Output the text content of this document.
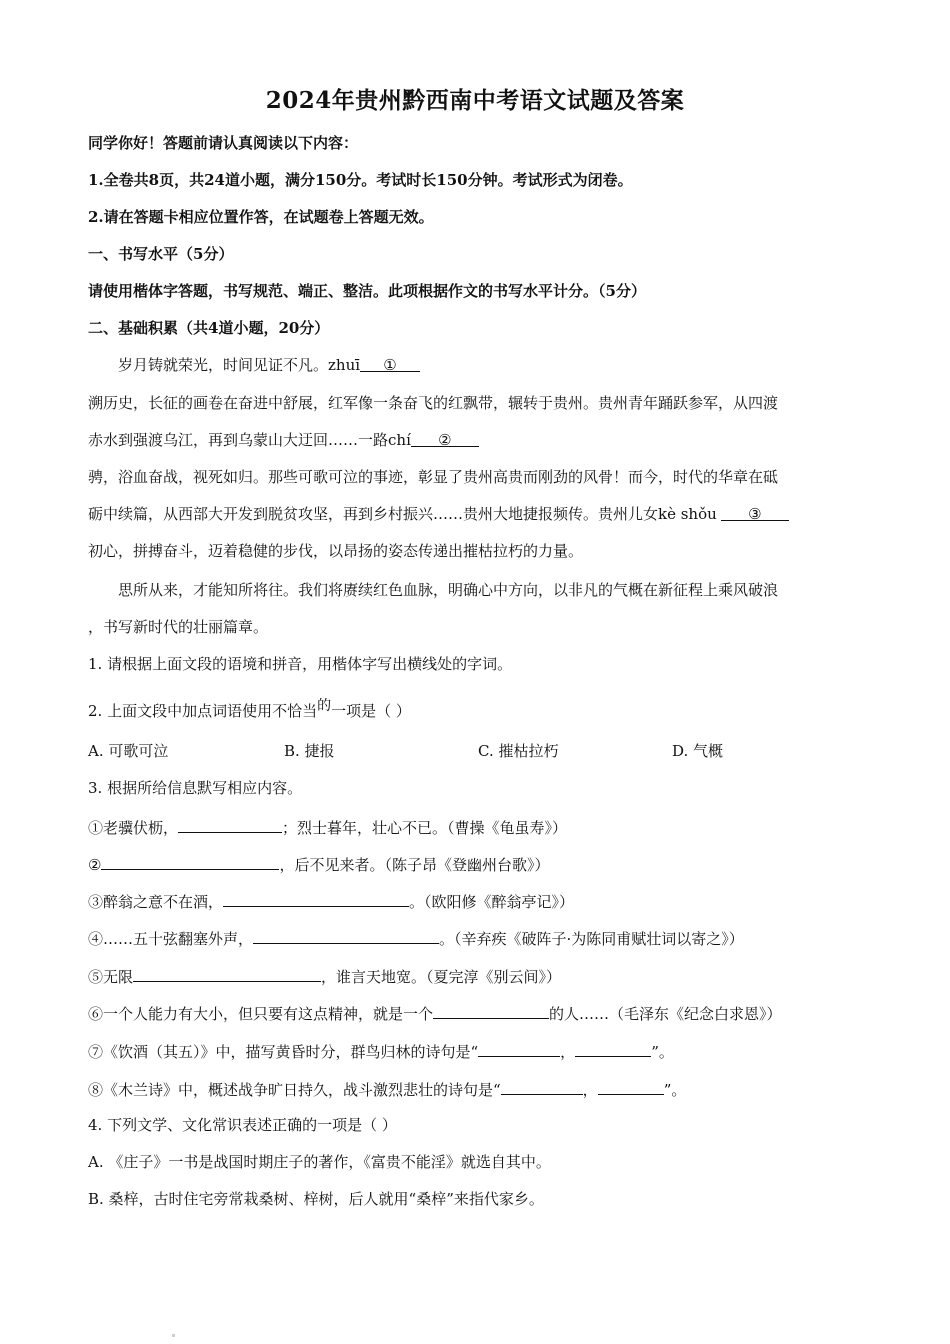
2024年贵州黔西南中考语文试题及答案
同学你好！答题前请认真阅读以下内容：
1.全卷共8页，共24道小题，满分150分。考试时长150分钟。考试形式为闭卷。
2.请在答题卡相应位置作答，在试题卷上答题无效。
一、书写水平（5分）
请使用楷体字答题，书写规范、端正、整洁。此项根据作文的书写水平计分。（5分）
二、基础积累（共4道小题，20分）
岁月铸就荣光，时间见证不凡。zhuī ①
溯历史，长征的画卷在奋进中舒展，红军像一条奋飞的红飘带，辗转于贵州。贵州青年踊跃参军，从四渡
赤水到强渡乌江，再到乌蒙山大迂回……一路chí ②
骋，浴血奋战，视死如归。那些可歌可泣的事迹，彰显了贵州高贵而刚劲的风骨！而今，时代的华章在砥
砺中续篇，从西部大开发到脱贫攻坚，再到乡村振兴……贵州大地捷报频传。贵州儿女kè shǒu ③
初心，拼搏奋斗，迈着稳健的步伐，以昂扬的姿态传递出摧枯拉朽的力量。
思所从来，才能知所将往。我们将赓续红色血脉，明确心中方向，以非凡的气概在新征程上乘风破浪
，书写新时代的壮丽篇章。
1. 请根据上面文段的语境和拼音，用楷体字写出横线处的字词。
2. 上面文段中加点词语使用不恰当的一项是（ ）
A. 可歌可泣	B. 捷报	C. 摧枯拉朽	D. 气概
3. 根据所给信息默写相应内容。
①老骥伏枥，	；烈士暮年，壮心不已。（曹操《龟虽寿》）
②	，后不见来者。（陈子昂《登幽州台歌》）
③醉翁之意不在酒，	。（欧阳修《醉翁亭记》）
④……五十弦翻塞外声，	。（辛弃疾《破阵子·为陈同甫赋壮词以寄之》）
⑤无限	，谁言天地宽。（夏完淳《别云间》）
⑥一个人能力有大小，但只要有这点精神，就是一个	的人……（毛泽东《纪念白求恩》）
⑦《饮酒（其五）》中，描写黄昏时分，群鸟归林的诗句是“	，	”。
⑧《木兰诗》中，概述战争旷日持久，战斗激烈悲壮的诗句是“	，	”。
4. 下列文学、文化常识表述正确的一项是（ ）
A. 《庄子》一书是战国时期庄子的著作，《富贵不能淫》就选自其中。
B. 桑梓，古时住宅旁常栽桑树、梓树，后人就用“桑梓”来指代家乡。
